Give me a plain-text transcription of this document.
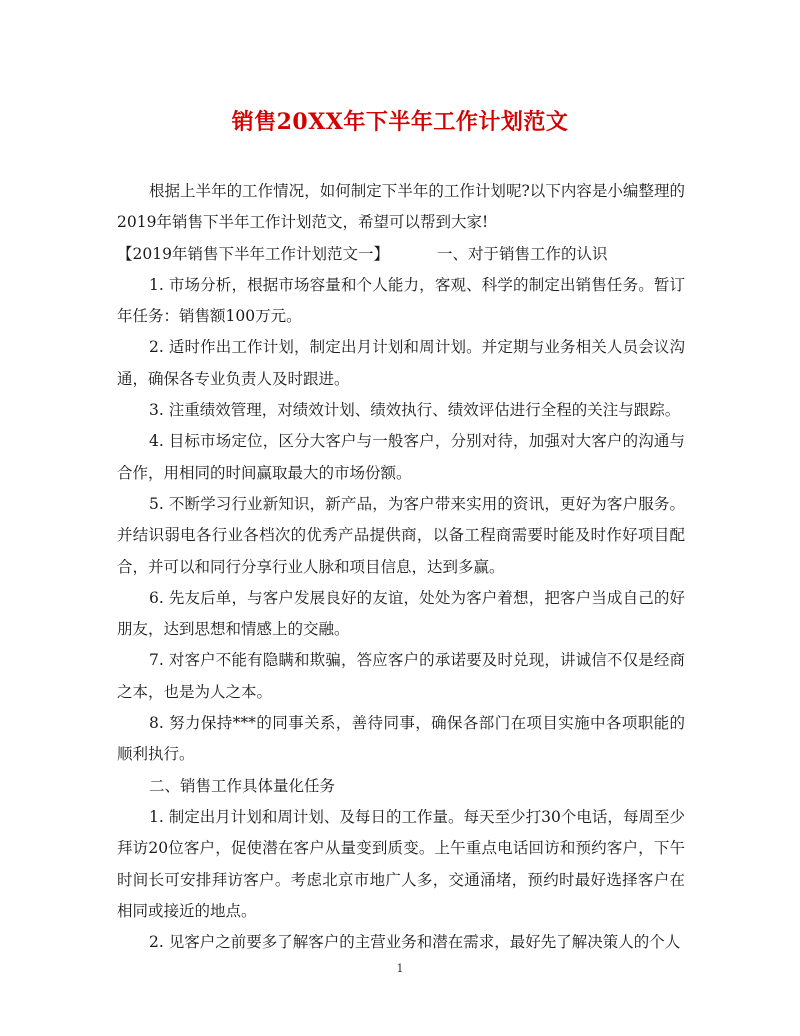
销售20XX年下半年工作计划范文

根据上半年的工作情况，如何制定下半年的工作计划呢?以下内容是小编整理的2019年销售下半年工作计划范文，希望可以帮到大家!

【2019年销售下半年工作计划范文一】	一、对于销售工作的认识

1. 市场分析，根据市场容量和个人能力，客观、科学的制定出销售任务。暂订年任务：销售额100万元。

2. 适时作出工作计划，制定出月计划和周计划。并定期与业务相关人员会议沟通，确保各专业负责人及时跟进。

3. 注重绩效管理，对绩效计划、绩效执行、绩效评估进行全程的关注与跟踪。

4. 目标市场定位，区分大客户与一般客户，分别对待，加强对大客户的沟通与合作，用相同的时间赢取最大的市场份额。

5. 不断学习行业新知识，新产品，为客户带来实用的资讯，更好为客户服务。并结识弱电各行业各档次的优秀产品提供商，以备工程商需要时能及时作好项目配合，并可以和同行分享行业人脉和项目信息，达到多赢。

6. 先友后单，与客户发展良好的友谊，处处为客户着想，把客户当成自己的好朋友，达到思想和情感上的交融。

7. 对客户不能有隐瞒和欺骗，答应客户的承诺要及时兑现，讲诚信不仅是经商之本，也是为人之本。

8. 努力保持***的同事关系，善待同事，确保各部门在项目实施中各项职能的顺利执行。

二、销售工作具体量化任务

1. 制定出月计划和周计划、及每日的工作量。每天至少打30个电话，每周至少拜访20位客户，促使潜在客户从量变到质变。上午重点电话回访和预约客户，下午时间长可安排拜访客户。考虑北京市地广人多，交通涌堵，预约时最好选择客户在相同或接近的地点。

2. 见客户之前要多了解客户的主营业务和潜在需求，最好先了解决策人的个人

1
